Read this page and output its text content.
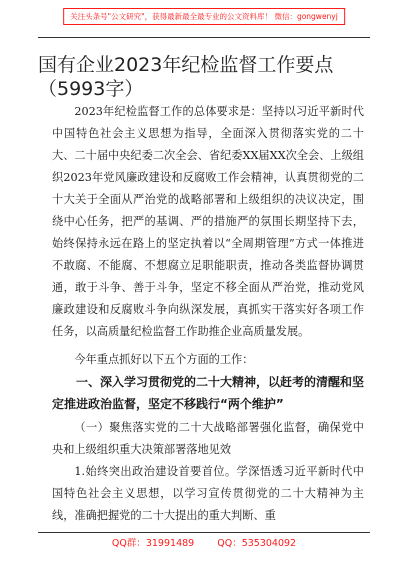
关注头条号"公文研究"，获得最新最全最专业的公文资料库！ 微信：gongwenyj
国有企业2023年纪检监督工作要点（5993字）

2023年纪检监督工作的总体要求是：坚持以习近平新时代中国特色社会主义思想为指导，全面深入贯彻落实党的二十大、二十届中央纪委二次全会、省纪委XX届XX次全会、上级组织2023年党风廉政建设和反腐败工作会精神，认真贯彻党的二十大关于全面从严治党的战略部署和上级组织的决议决定，围绕中心任务，把严的基调、严的措施严的氛围长期坚持下去，始终保持永远在路上的坚定执着以“全周期管理”方式一体推进不敢腐、不能腐、不想腐立足职能职责，推动各类监督协调贯通，敢于斗争、善于斗争，坚定不移全面从严治党，推动党风廉政建设和反腐败斗争向纵深发展，真抓实干落实好各项工作任务，以高质量纪检监督工作助推企业高质量发展。

今年重点抓好以下五个方面的工作：

一、深入学习贯彻党的二十大精神，以赶考的清醒和坚定推进政治监督，坚定不移践行“两个维护”

（一）聚焦落实党的二十大战略部署强化监督，确保党中央和上级组织重大决策部署落地见效

1.始终突出政治建设首要首位。学深悟透习近平新时代中国特色社会主义思想，以学习宣传贯彻党的二十大精神为主线，准确把握党的二十大提出的重大判断、重

QQ群：31991489 QQ：535304092
